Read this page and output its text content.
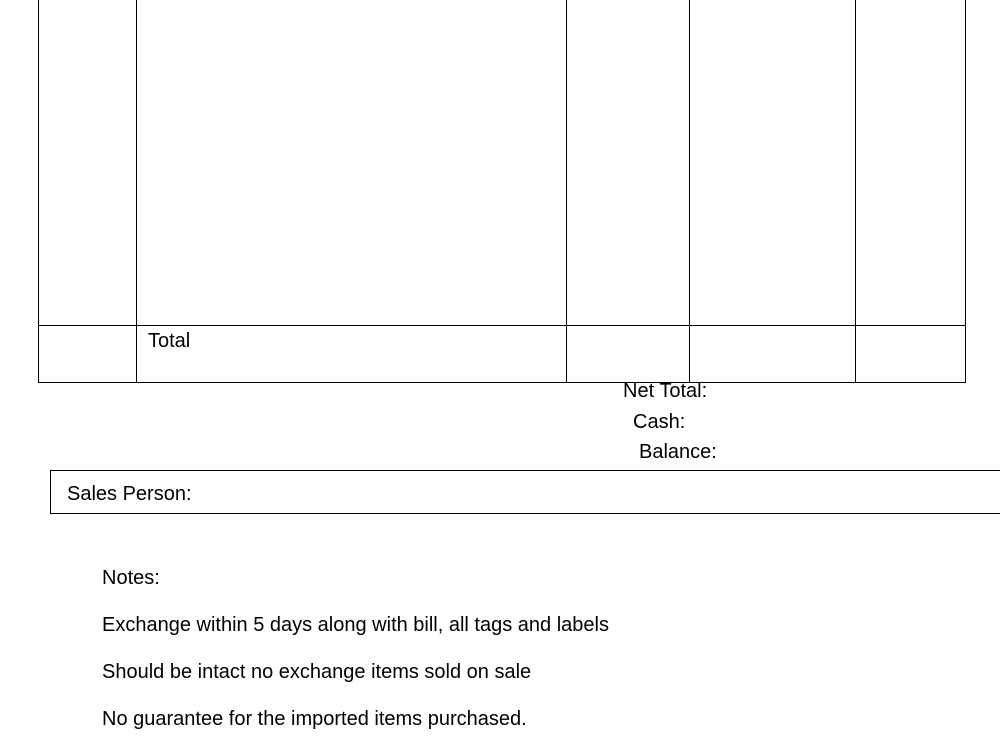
	Total			
Net Total:
Cash:
Balance:
Sales Person:
Notes:
Exchange within 5 days along with bill, all tags and labels
Should be intact no exchange items sold on sale
No guarantee for the imported items purchased.
